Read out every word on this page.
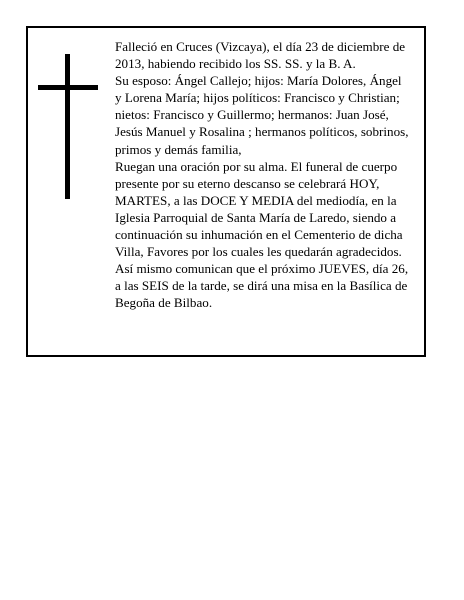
Falleció en Cruces (Vizcaya), el día 23 de diciembre de
2013, habiendo recibido los SS. SS. y la B. A.
Su esposo: Ángel Callejo; hijos: María Dolores, Ángel
y Lorena María; hijos políticos: Francisco y Christian;
nietos: Francisco y Guillermo; hermanos: Juan José,
Jesús Manuel y Rosalina ; hermanos políticos, sobrinos,
primos y demás familia,
Ruegan una oración por su alma. El funeral de cuerpo
presente por su eterno descanso se celebrará HOY,
MARTES, a las DOCE Y MEDIA del mediodía, en la
Iglesia Parroquial de Santa María de Laredo, siendo a
continuación su inhumación en el Cementerio de dicha
Villa, Favores por los cuales les quedarán agradecidos.
Así mismo comunican que el próximo JUEVES, día 26,
a las SEIS de la tarde, se dirá una misa en la Basílica de
Begoña de Bilbao.
